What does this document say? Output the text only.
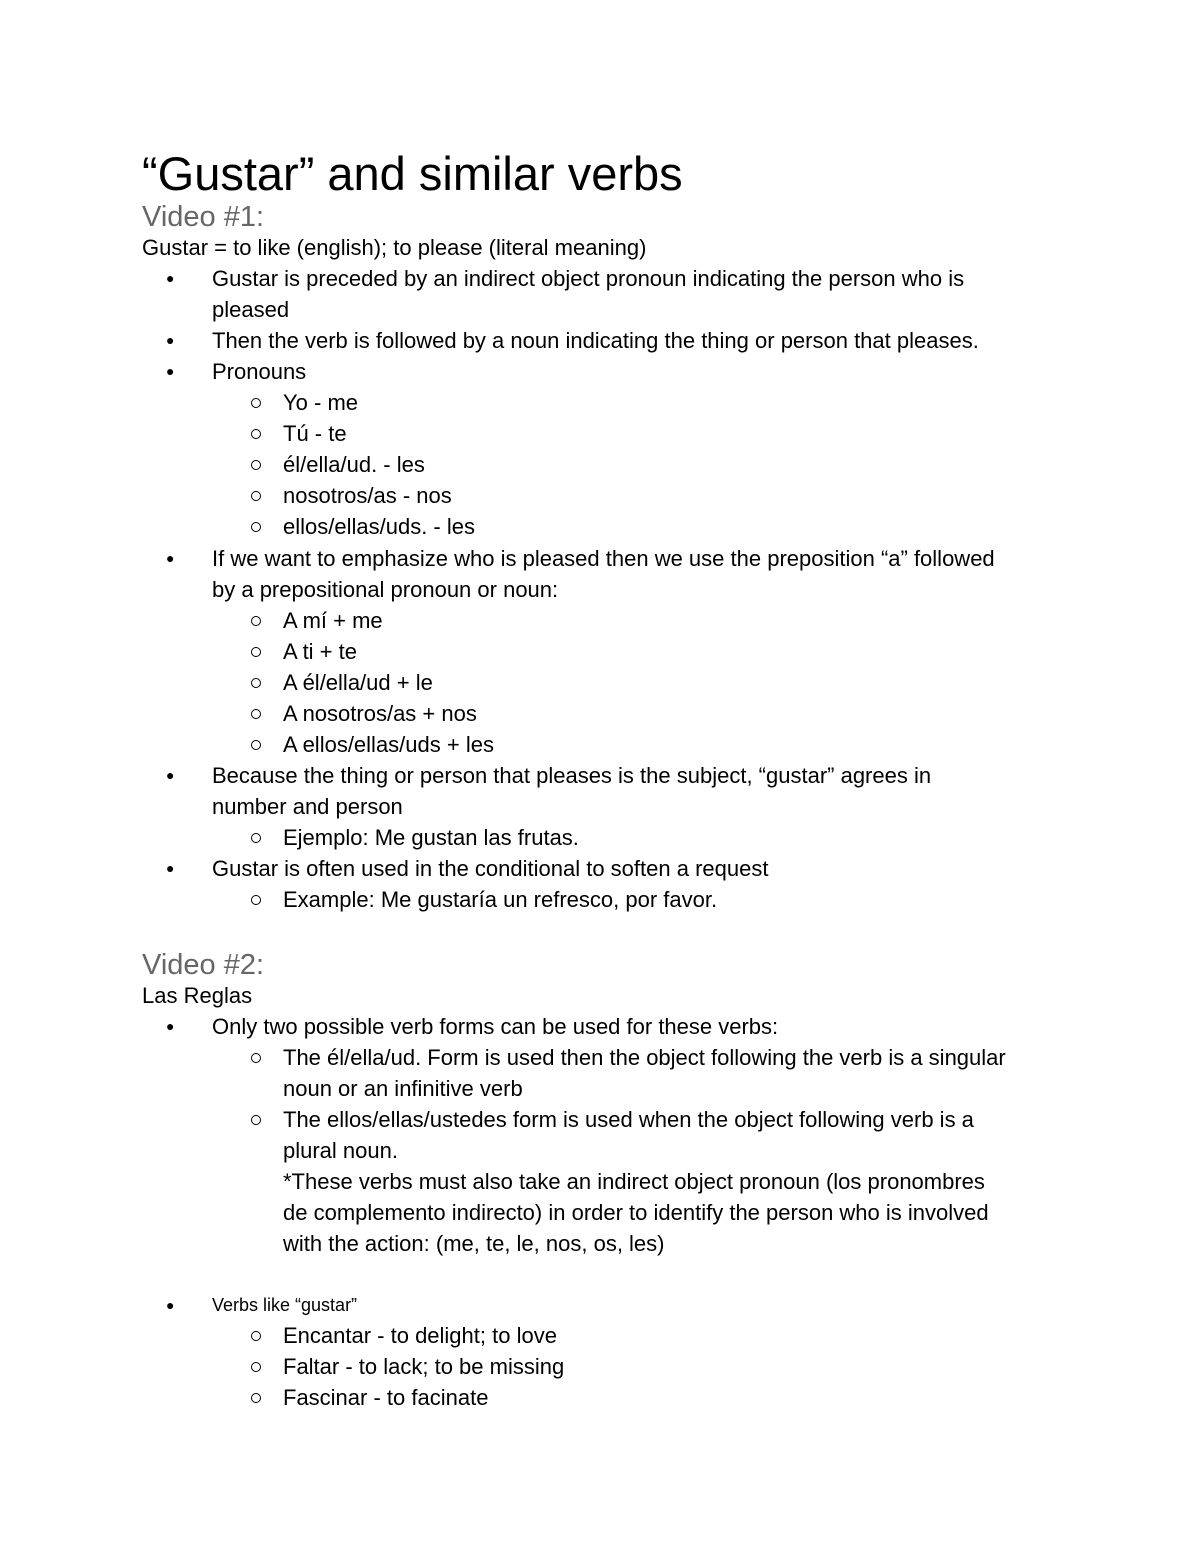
“Gustar” and similar verbs
Video #1:
Gustar = to like (english); to please (literal meaning)
● Gustar is preceded by an indirect object pronoun indicating the person who is
pleased
● Then the verb is followed by a noun indicating the thing or person that pleases.
● Pronouns
Yo - me
Tú - te
él/ella/ud. - les
nosotros/as - nos
ellos/ellas/uds. - les
● If we want to emphasize who is pleased then we use the preposition “a” followed
by a prepositional pronoun or noun:
A mí + me
A ti + te
A él/ella/ud + le
A nosotros/as + nos
A ellos/ellas/uds + les
● Because the thing or person that pleases is the subject, “gustar” agrees in
number and person
Ejemplo: Me gustan las frutas.
● Gustar is often used in the conditional to soften a request
Example: Me gustaría un refresco, por favor.
Video #2:
Las Reglas
● Only two possible verb forms can be used for these verbs:
The él/ella/ud. Form is used then the object following the verb is a singular
noun or an infinitive verb
The ellos/ellas/ustedes form is used when the object following verb is a
plural noun.
*These verbs must also take an indirect object pronoun (los pronombres
de complemento indirecto) in order to identify the person who is involved
with the action: (me, te, le, nos, os, les)
● Verbs like “gustar”
Encantar - to delight; to love
Faltar - to lack; to be missing
Fascinar - to facinate
